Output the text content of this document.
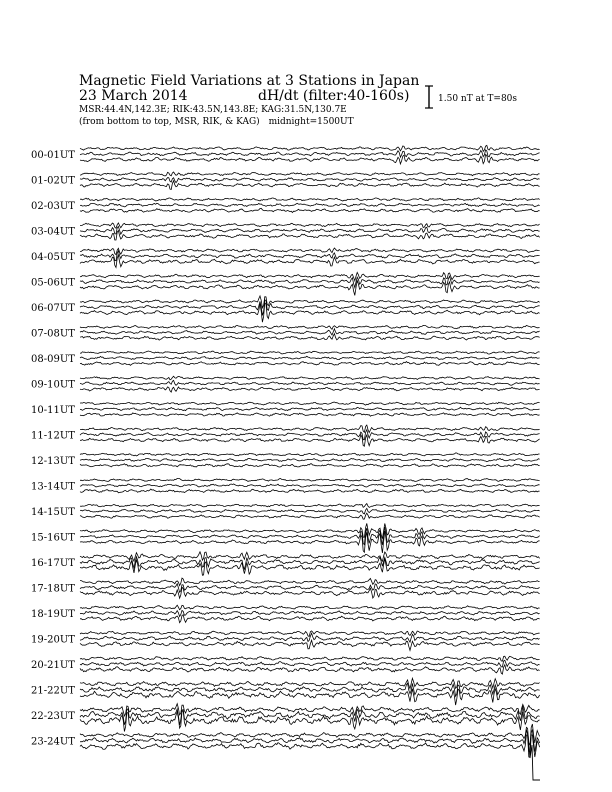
Magnetic Field Variations at 3 Stations in Japan
23 March 2014	dH/dt (filter:40-160s)
MSR:44.4N,142.3E; RIK:43.5N,143.8E; KAG:31.5N,130.7E
(from bottom to top, MSR, RIK, & KAG) midnight=1500UT
1.50 nT at T=80s
00-01UT
01-02UT
02-03UT
03-04UT
04-05UT
05-06UT
06-07UT
07-08UT
08-09UT
09-10UT
10-11UT
11-12UT
12-13UT
13-14UT
14-15UT
15-16UT
16-17UT
17-18UT
18-19UT
19-20UT
20-21UT
21-22UT
22-23UT
23-24UT
